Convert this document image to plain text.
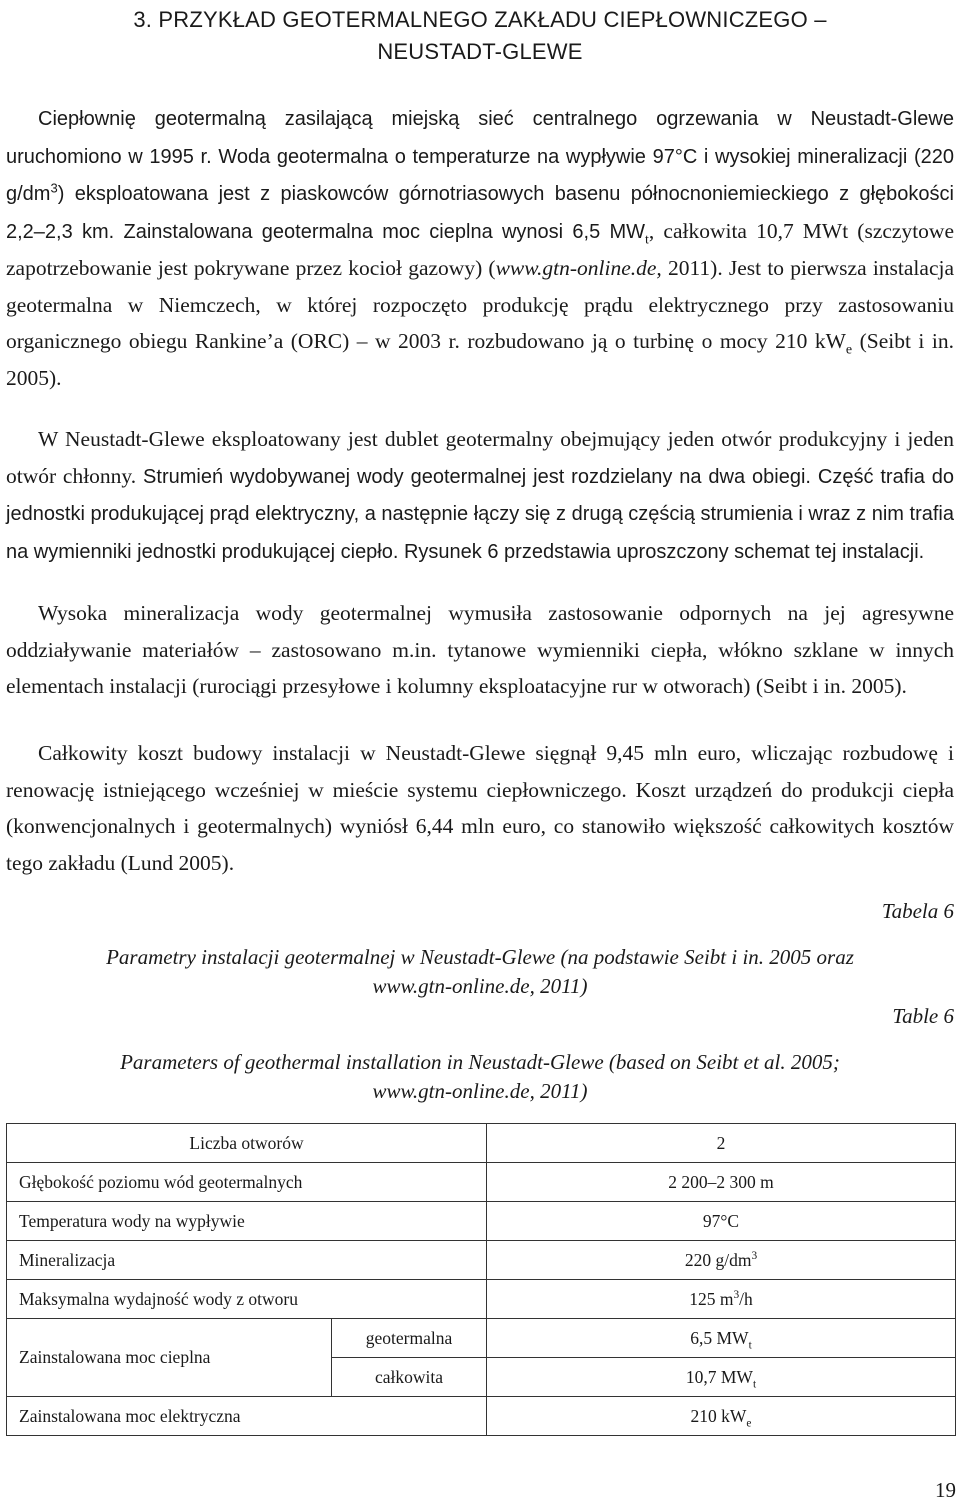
3. PRZYKŁAD GEOTERMALNEGO ZAKŁADU CIEPŁOWNICZEGO –
NEUSTADT-GLEWE

Ciepłownię geotermalną zasilającą miejską sieć centralnego ogrzewania w Neustadt-Glewe uruchomiono w 1995 r. Woda geotermalna o temperaturze na wypływie 97°C i wysokiej mineralizacji (220 $g/dm^3$) eksploatowana jest z piaskowców górnotriasowych basenu północnoniemieckiego z głębokości 2,2–2,3 km. Zainstalowana geotermalna moc cieplna wynosi 6,5 $MW_t$, całkowita 10,7 MWt (szczytowe zapotrzebowanie jest pokrywane przez kocioł gazowy) (www.gtn-online.de, 2011). Jest to pierwsza instalacja geotermalna w Niemczech, w której rozpoczęto produkcję prądu elektrycznego przy zastosowaniu organicznego obiegu Rankine’a (ORC) – w 2003 r. rozbudowano ją o turbinę o mocy 210 $kW_e$ (Seibt i in. 2005).

W Neustadt-Glewe eksploatowany jest dublet geotermalny obejmujący jeden otwór produkcyjny i jeden otwór chłonny. Strumień wydobywanej wody geotermalnej jest rozdzielany na dwa obiegi. Część trafia do jednostki produkującej prąd elektryczny, a następnie łączy się z drugą częścią strumienia i wraz z nim trafia na wymienniki jednostki produkującej ciepło. Rysunek 6 przedstawia uproszczony schemat tej instalacji.

Wysoka mineralizacja wody geotermalnej wymusiła zastosowanie odpornych na jej agresywne oddziaływanie materiałów – zastosowano m.in. tytanowe wymienniki ciepła, włókno szklane w innych elementach instalacji (rurociągi przesyłowe i kolumny eksploatacyjne rur w otworach) (Seibt i in. 2005).

Całkowity koszt budowy instalacji w Neustadt-Glewe sięgnął 9,45 mln euro, wliczając rozbudowę i renowację istniejącego wcześniej w mieście systemu ciepłowniczego. Koszt urządzeń do produkcji ciepła (konwencjonalnych i geotermalnych) wyniósł 6,44 mln euro, co stanowiło większość całkowitych kosztów tego zakładu (Lund 2005).

Tabela 6
Parametry instalacji geotermalnej w Neustadt-Glewe (na podstawie Seibt i in. 2005 oraz
www.gtn-online.de, 2011)
Table 6
Parameters of geothermal installation in Neustadt-Glewe (based on Seibt et al. 2005;
www.gtn-online.de, 2011)
Liczba otworów		2
Głębokość poziomu wód geotermalnych		2 200–2 300 m
Temperatura wody na wypływie		97°C
Mineralizacja		220 $g/dm^3$
Maksymalna wydajność wody z otworu		125 $m^3/h$
Zainstalowana moc cieplna	geotermalna	6,5 $MW_t$
	całkowita	10,7 $MW_t$
Zainstalowana moc elektryczna		210 $kW_e$
19
